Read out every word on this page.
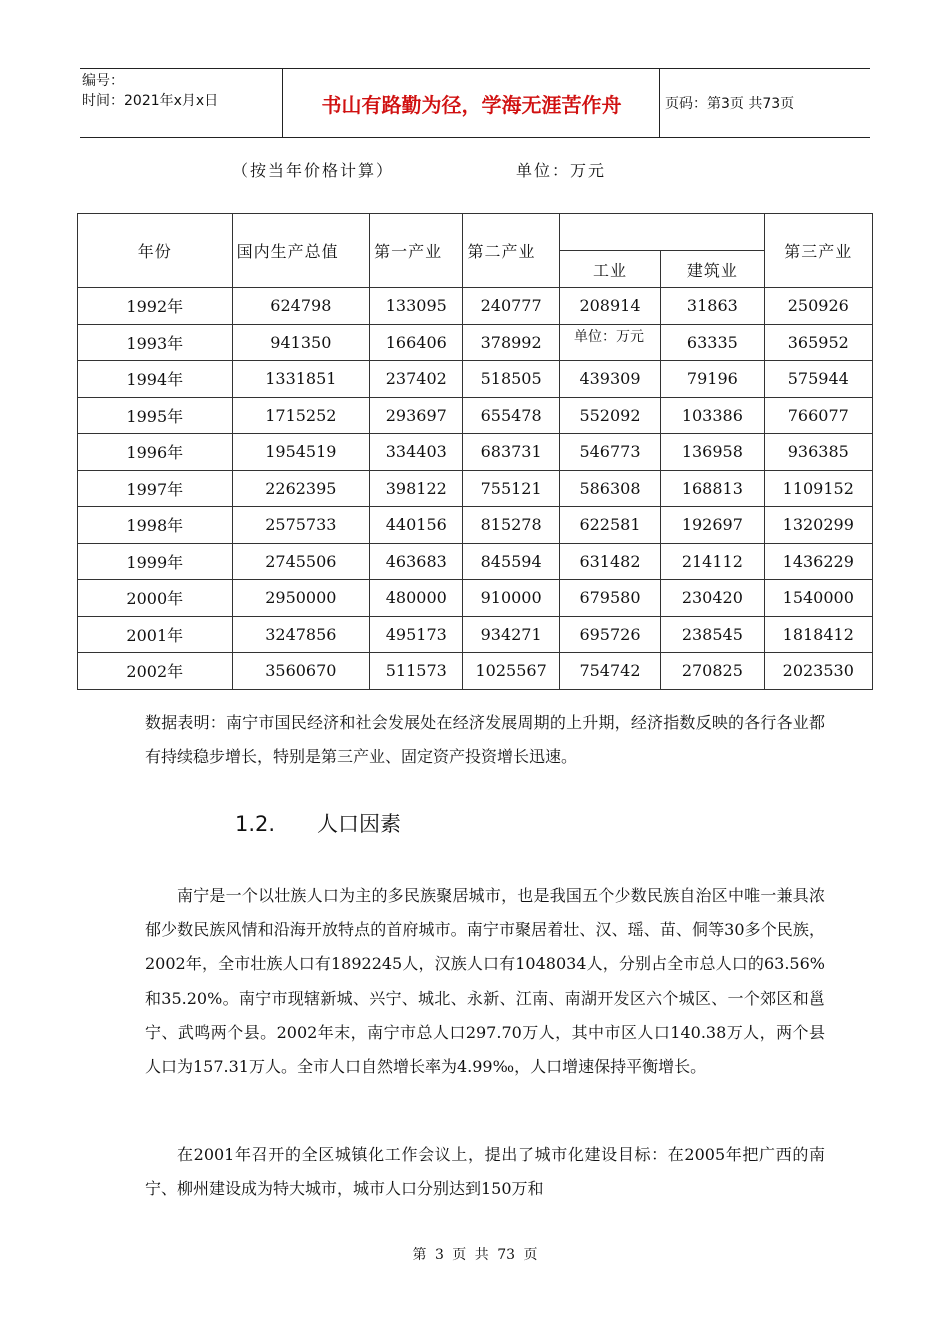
编号：
时间：2021年x月x日	书山有路勤为径，学海无涯苦作舟	页码：第3页 共73页
（按当年价格计算）	单位：万元
年份	国内生产总值	第一产业	第二产业			第三产业
				工业	建筑业	
1992年	624798	133095	240777	208914	31863	250926
1993年	941350	166406	378992		63335	365952
1994年	1331851	237402	518505	439309	79196	575944
1995年	1715252	293697	655478	552092	103386	766077
1996年	1954519	334403	683731	546773	136958	936385
1997年	2262395	398122	755121	586308	168813	1109152
1998年	2575733	440156	815278	622581	192697	1320299
1999年	2745506	463683	845594	631482	214112	1436229
2000年	2950000	480000	910000	679580	230420	1540000
2001年	3247856	495173	934271	695726	238545	1818412
2002年	3560670	511573	1025567	754742	270825	2023530
单位：万元
数据表明：南宁市国民经济和社会发展处在经济发展周期的上升期，经济指数反映的各行各业都有持续稳步增长，特别是第三产业、固定资产投资增长迅速。
1.2. 人口因素
南宁是一个以壮族人口为主的多民族聚居城市，也是我国五个少数民族自治区中唯一兼具浓郁少数民族风情和沿海开放特点的首府城市。南宁市聚居着壮、汉、瑶、苗、侗等30多个民族，2002年，全市壮族人口有1892245人，汉族人口有1048034人，分别占全市总人口的63.56%和35.20%。南宁市现辖新城、兴宁、城北、永新、江南、南湖开发区六个城区、一个郊区和邕宁、武鸣两个县。2002年末，南宁市总人口297.70万人，其中市区人口140.38万人，两个县人口为157.31万人。全市人口自然增长率为4.99‰，人口增速保持平衡增长。
在2001年召开的全区城镇化工作会议上，提出了城市化建设目标：在2005年把广西的南宁、柳州建设成为特大城市，城市人口分别达到150万和
第 3 页 共 73 页
